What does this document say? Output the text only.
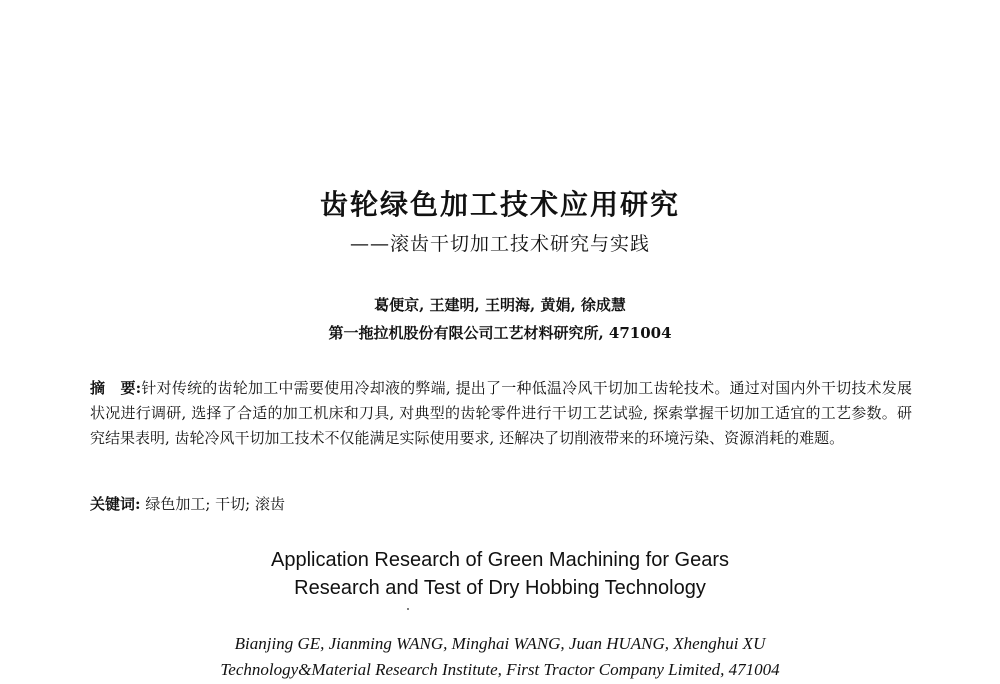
齿轮绿色加工技术应用研究
——滚齿干切加工技术研究与实践
葛便京, 王建明, 王明海, 黄娟, 徐成慧
第一拖拉机股份有限公司工艺材料研究所, 471004
摘　要:针对传统的齿轮加工中需要使用冷却液的弊端, 提出了一种低温冷风干切加工齿轮技术。通过对国内外干切技术发展状况进行调研, 选择了合适的加工机床和刀具, 对典型的齿轮零件进行干切工艺试验, 探索掌握干切加工适宜的工艺参数。研究结果表明, 齿轮冷风干切加工技术不仅能满足实际使用要求, 还解决了切削液带来的环境污染、资源消耗的难题。
关键词: 绿色加工; 干切; 滚齿
Application Research of Green Machining for Gears
Research and Test of Dry Hobbing Technology
Bianjing GE, Jianming WANG, Minghai WANG, Juan HUANG, Xhenghui XU
Technology&Material Research Institute, First Tractor Company Limited, 471004
